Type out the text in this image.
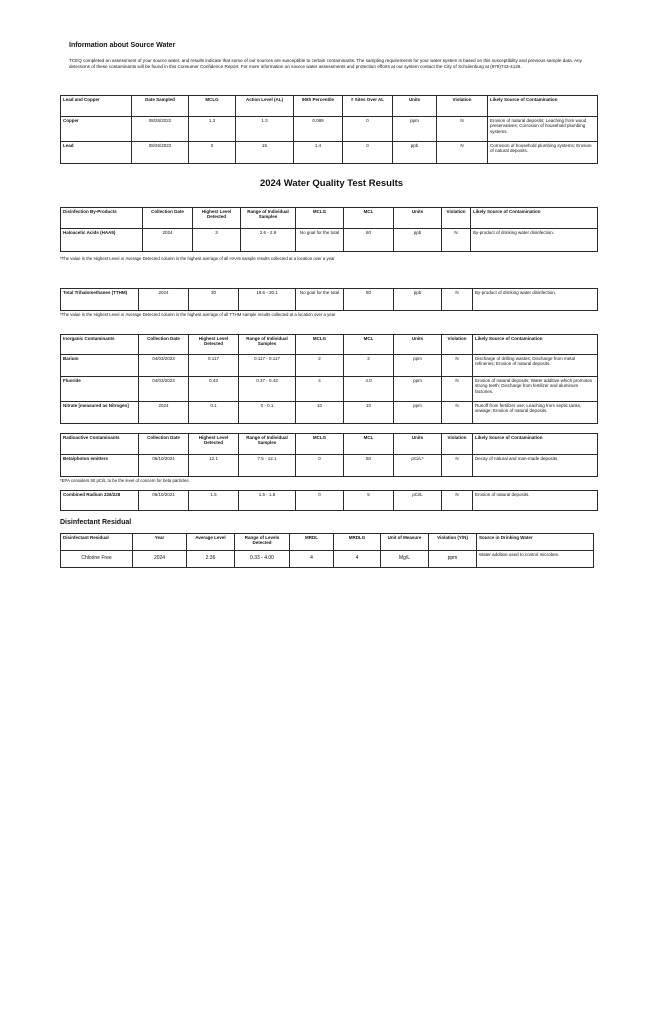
Information about Source Water
TCEQ completed an assessment of your source water, and results indicate that some of our sources are susceptible to certain contaminants. The sampling requirements for your water system is based on this susceptibility and previous sample data. Any detections of these contaminants will be found in this Consumer Confidence Report. For more information on source water assessments and protection efforts at our system contact the City of Schulenburg at (979)743-4126.
Lead and Copper	Date Sampled	MCLG	Action Level (AL)	90th Percentile	# Sites Over AL	Units	Violation	Likely Source of Contamination
Copper	08/26/2022	1.3	1.3	0.089	0	ppm	N	Erosion of natural deposits; Leaching from wood preservatives; Corrosion of household plumbing systems.
Lead	08/26/2022	0	15	1.4	0	ppb	N	Corrosion of household plumbing systems; Erosion of natural deposits.
2024 Water Quality Test Results
Disinfection By-Products	Collection Date	Highest Level Detected	Range of Individual Samples	MCLG	MCL	Units	Violation	Likely Source of Contamination
Haloacetic Acids (HAA5)	2024	3	2.6 - 2.9	No goal for the total	60	ppb	N	By-product of drinking water disinfection.
*The value in the Highest Level or Average Detected column is the highest average of all HAA5 sample results collected at a location over a year
Total Trihalomethanes (TTHM)	2024	30	19.6 - 30.1	No goal for the total	80	ppb	N	By-product of drinking water disinfection.
*The value in the Highest Level or Average Detected column is the highest average of all TTHM sample results collected at a location over a year
Inorganic Contaminants	Collection Date	Highest Level Detected	Range of Individual Samples	MCLG	MCL	Units	Violation	Likely Source of Contamination
Barium	04/03/2023	0.117	0.117 - 0.117	2	2	ppm	N	Discharge of drilling wastes; Discharge from metal refineries; Erosion of natural deposits.
Fluoride	04/03/2023	0.43	0.37 - 0.43	4	4.0	ppm	N	Erosion of natural deposits; Water additive which promotes strong teeth; Discharge from fertilizer and aluminum factories.
Nitrate [measured as Nitrogen]	2024	0.1	0 - 0.1	10	10	ppm	N	Runoff from fertilizer use; Leaching from septic tanks, sewage; Erosion of natural deposits.
Radioactive Contaminants	Collection Date	Highest Level Detected	Range of Individual Samples	MCLG	MCL	Units	Violation	Likely Source of Contamination
Beta/photon emitters	06/10/2021	12.1	7.5 - 12.1	0	50	pCi/L*	N	Decay of natural and man-made deposits.
*EPA considers 50 pCi/L to be the level of concern for beta particles.
Combined Radium 226/228	06/10/2021	1.5	1.5 - 1.5	0	5	pCi/L	N	Erosion of natural deposits.
Disinfectant Residual
Disinfectant Residual	Year	Average Level	Range of Levels Detected	MRDL	MRDLG	Unit of Measure	Violation (Y/N)	Source in Drinking Water
Chlorine Free	2024	2.36	0.33 - 4.00	4	4	Mg/L	ppm	Water additive used to control microbes.
